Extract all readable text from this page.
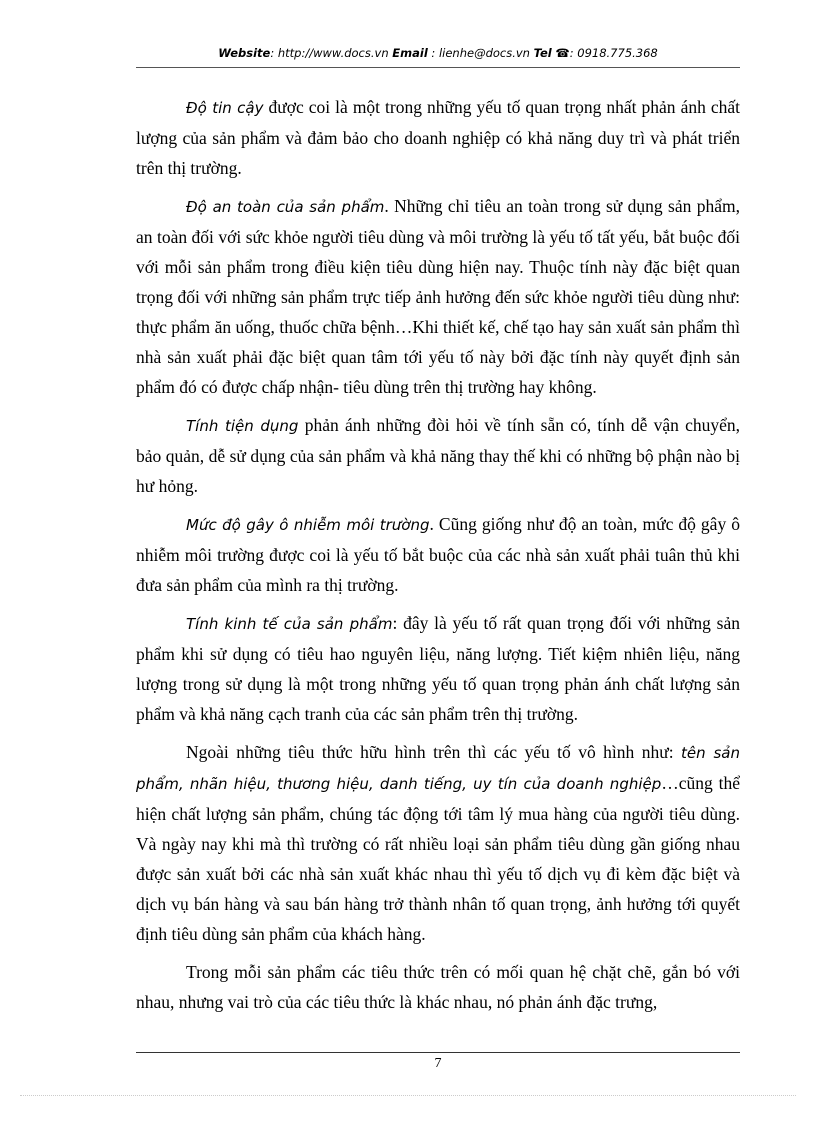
Website: http://www.docs.vn Email : lienhe@docs.vn Tel ☎: 0918.775.368

Độ tin cậy được coi là một trong những yếu tố quan trọng nhất phản ánh chất lượng của sản phẩm và đảm bảo cho doanh nghiệp có khả năng duy trì và phát triển trên thị trường.

Độ an toàn của sản phẩm. Những chỉ tiêu an toàn trong sử dụng sản phẩm, an toàn đối với sức khỏe người tiêu dùng và môi trường là yếu tố tất yếu, bắt buộc đối với mỗi sản phẩm trong điều kiện tiêu dùng hiện nay. Thuộc tính này đặc biệt quan trọng đối với những sản phẩm trực tiếp ảnh hưởng đến sức khỏe người tiêu dùng như: thực phẩm ăn uống, thuốc chữa bệnh…Khi thiết kế, chế tạo hay sản xuất sản phẩm thì nhà sản xuất phải đặc biệt quan tâm tới yếu tố này bởi đặc tính này quyết định sản phẩm đó có được chấp nhận- tiêu dùng trên thị trường hay không.

Tính tiện dụng phản ánh những đòi hỏi về tính sẵn có, tính dễ vận chuyển, bảo quản, dễ sử dụng của sản phẩm và khả năng thay thế khi có những bộ phận nào bị hư hỏng.

Mức độ gây ô nhiễm môi trường. Cũng giống như độ an toàn, mức độ gây ô nhiễm môi trường được coi là yếu tố bắt buộc của các nhà sản xuất phải tuân thủ khi đưa sản phẩm của mình ra thị trường.

Tính kinh tế của sản phẩm: đây là yếu tố rất quan trọng đối với những sản phẩm khi sử dụng có tiêu hao nguyên liệu, năng lượng. Tiết kiệm nhiên liệu, năng lượng trong sử dụng là một trong những yếu tố quan trọng phản ánh chất lượng sản phẩm và khả năng cạch tranh của các sản phẩm trên thị trường.

Ngoài những tiêu thức hữu hình trên thì các yếu tố vô hình như: tên sản phẩm, nhãn hiệu, thương hiệu, danh tiếng, uy tín của doanh nghiệp…cũng thể hiện chất lượng sản phẩm, chúng tác động tới tâm lý mua hàng của người tiêu dùng. Và ngày nay khi mà thì trường có rất nhiều loại sản phẩm tiêu dùng gần giống nhau được sản xuất bởi các nhà sản xuất khác nhau thì yếu tố dịch vụ đi kèm đặc biệt và dịch vụ bán hàng và sau bán hàng trở thành nhân tố quan trọng, ảnh hưởng tới quyết định tiêu dùng sản phẩm của khách hàng.

Trong mỗi sản phẩm các tiêu thức trên có mối quan hệ chặt chẽ, gắn bó với nhau, nhưng vai trò của các tiêu thức là khác nhau, nó phản ánh đặc trưng,

7
